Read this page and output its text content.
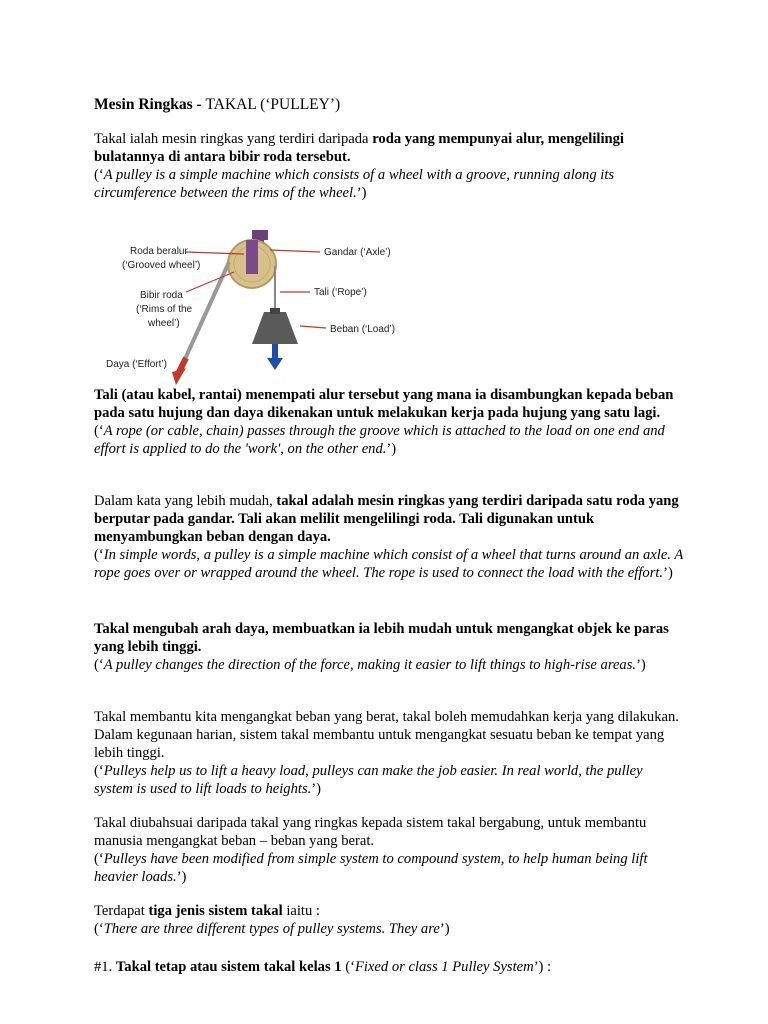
Mesin Ringkas - TAKAL (‘PULLEY’)
Takal ialah mesin ringkas yang terdiri daripada roda yang mempunyai alur, mengelilingi bulatannya di antara bibir roda tersebut.
(‘A pulley is a simple machine which consists of a wheel with a groove, running along its circumference between the rims of the wheel.’)
Roda beralur
(‘Grooved wheel’)
Bibir roda
(‘Rims of the
wheel’)
Daya (‘Effort’)
Gandar (‘Axle’)
Tali (‘Rope’)
Beban (‘Load’)
Tali (atau kabel, rantai) menempati alur tersebut yang mana ia disambungkan kepada beban pada satu hujung dan daya dikenakan untuk melakukan kerja pada hujung yang satu lagi.
(‘A rope (or cable, chain) passes through the groove which is attached to the load on one end and effort is applied to do the 'work', on the other end.’)
Dalam kata yang lebih mudah, takal adalah mesin ringkas yang terdiri daripada satu roda yang berputar pada gandar. Tali akan melilit mengelilingi roda. Tali digunakan untuk menyambungkan beban dengan daya.
(‘In simple words, a pulley is a simple machine which consist of a wheel that turns around an axle. A rope goes over or wrapped around the wheel. The rope is used to connect the load with the effort.’)
Takal mengubah arah daya, membuatkan ia lebih mudah untuk mengangkat objek ke paras yang lebih tinggi.
(‘A pulley changes the direction of the force, making it easier to lift things to high-rise areas.’)
Takal membantu kita mengangkat beban yang berat, takal boleh memudahkan kerja yang dilakukan. Dalam kegunaan harian, sistem takal membantu untuk mengangkat sesuatu beban ke tempat yang lebih tinggi.
(‘Pulleys help us to lift a heavy load, pulleys can make the job easier. In real world, the pulley system is used to lift loads to heights.’)
Takal diubahsuai daripada takal yang ringkas kepada sistem takal bergabung, untuk membantu manusia mengangkat beban – beban yang berat.
(‘Pulleys have been modified from simple system to compound system, to help human being lift heavier loads.’)
Terdapat tiga jenis sistem takal iaitu :
(‘There are three different types of pulley systems. They are’)
#1. Takal tetap atau sistem takal kelas 1 (‘Fixed or class 1 Pulley System’) :
